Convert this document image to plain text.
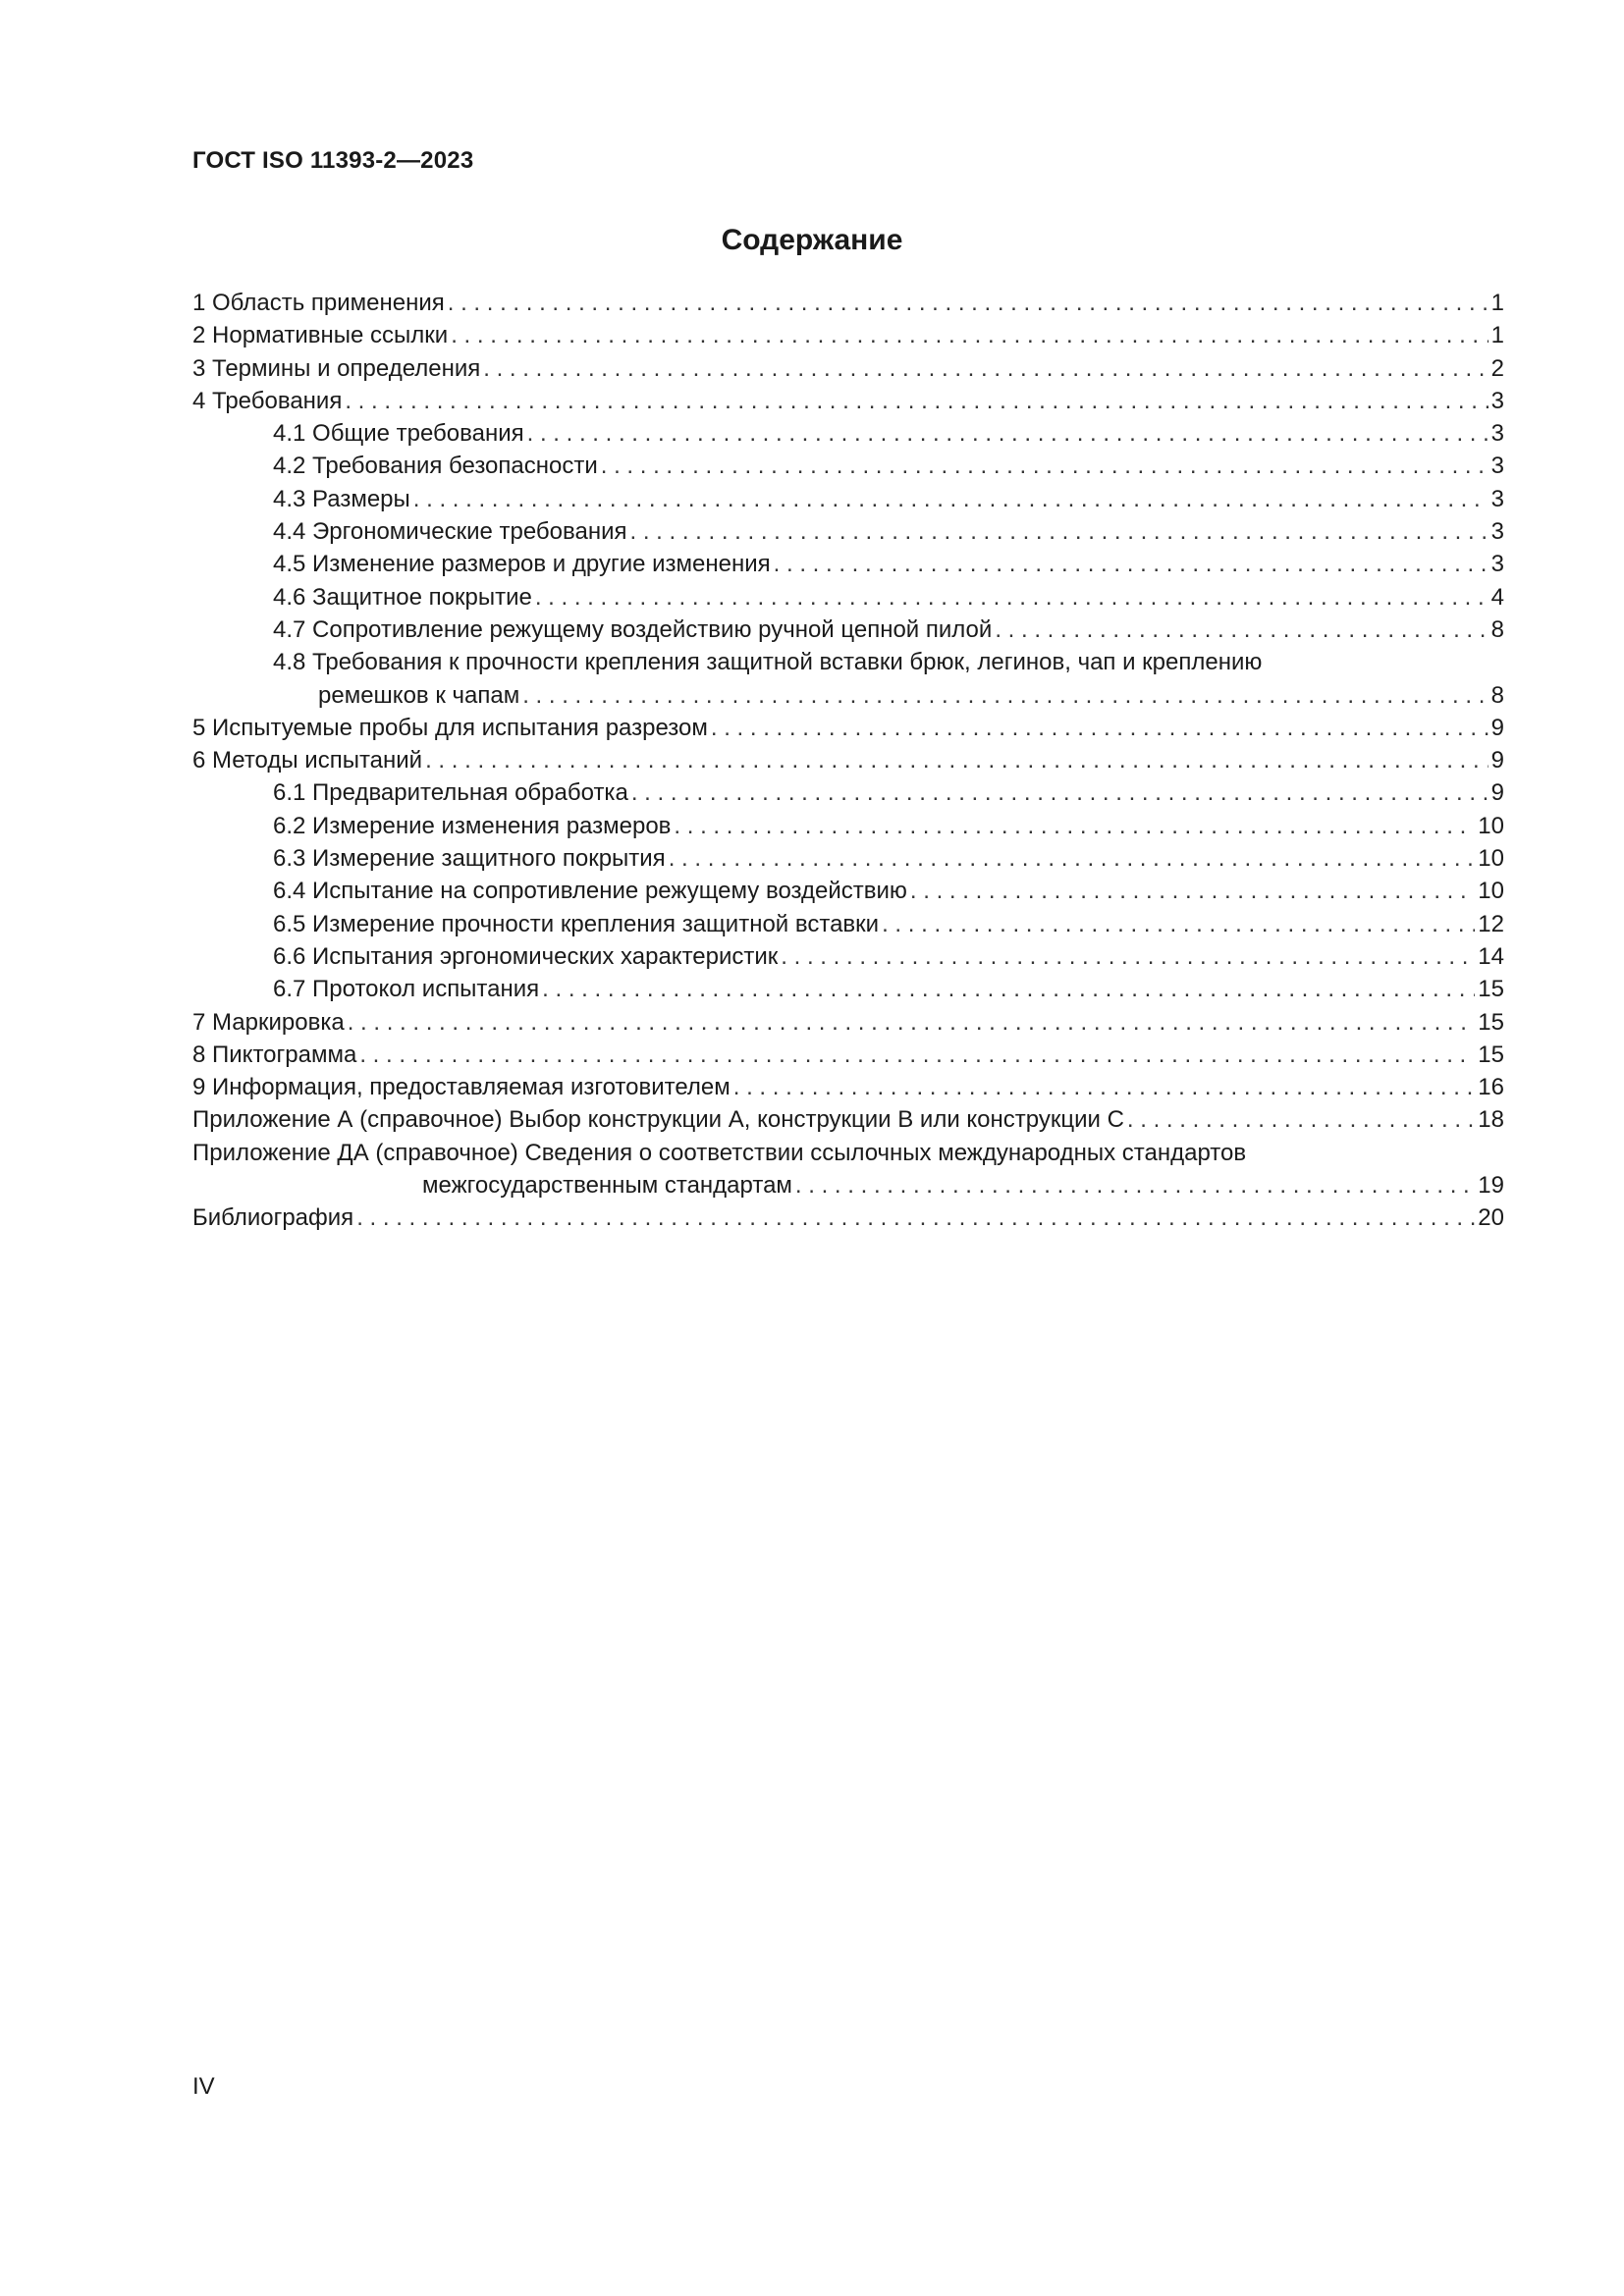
ГОСТ ISO 11393-2—2023
Содержание
1 Область применения . . .	1
2 Нормативные ссылки . . .	1
3 Термины и определения . . .	2
4 Требования . . .	3
4.1 Общие требования . . .	3
4.2 Требования безопасности . . .	3
4.3 Размеры . . .	3
4.4 Эргономические требования . . .	3
4.5 Изменение размеров и другие изменения . . .	3
4.6 Защитное покрытие . . .	4
4.7 Сопротивление режущему воздействию ручной цепной пилой . . .	8
4.8 Требования к прочности крепления защитной вставки брюк, легинов, чап и креплению
ремешков к чапам . . .	8
5 Испытуемые пробы для испытания разрезом . . .	9
6 Методы испытаний . . .	9
6.1 Предварительная обработка . . .	9
6.2 Измерение изменения размеров . . .	10
6.3 Измерение защитного покрытия . . .	10
6.4 Испытание на сопротивление режущему воздействию . . .	10
6.5 Измерение прочности крепления защитной вставки . . .	12
6.6 Испытания эргономических характеристик . . .	14
6.7 Протокол испытания . . .	15
7 Маркировка . . .	15
8 Пиктограмма . . .	15
9 Информация, предоставляемая изготовителем . . .	16
Приложение А (справочное) Выбор конструкции А, конструкции В или конструкции С . . .	18
Приложение ДА (справочное) Сведения о соответствии ссылочных международных стандартов
межгосударственным стандартам . . .	19
Библиография . . .	20
IV
